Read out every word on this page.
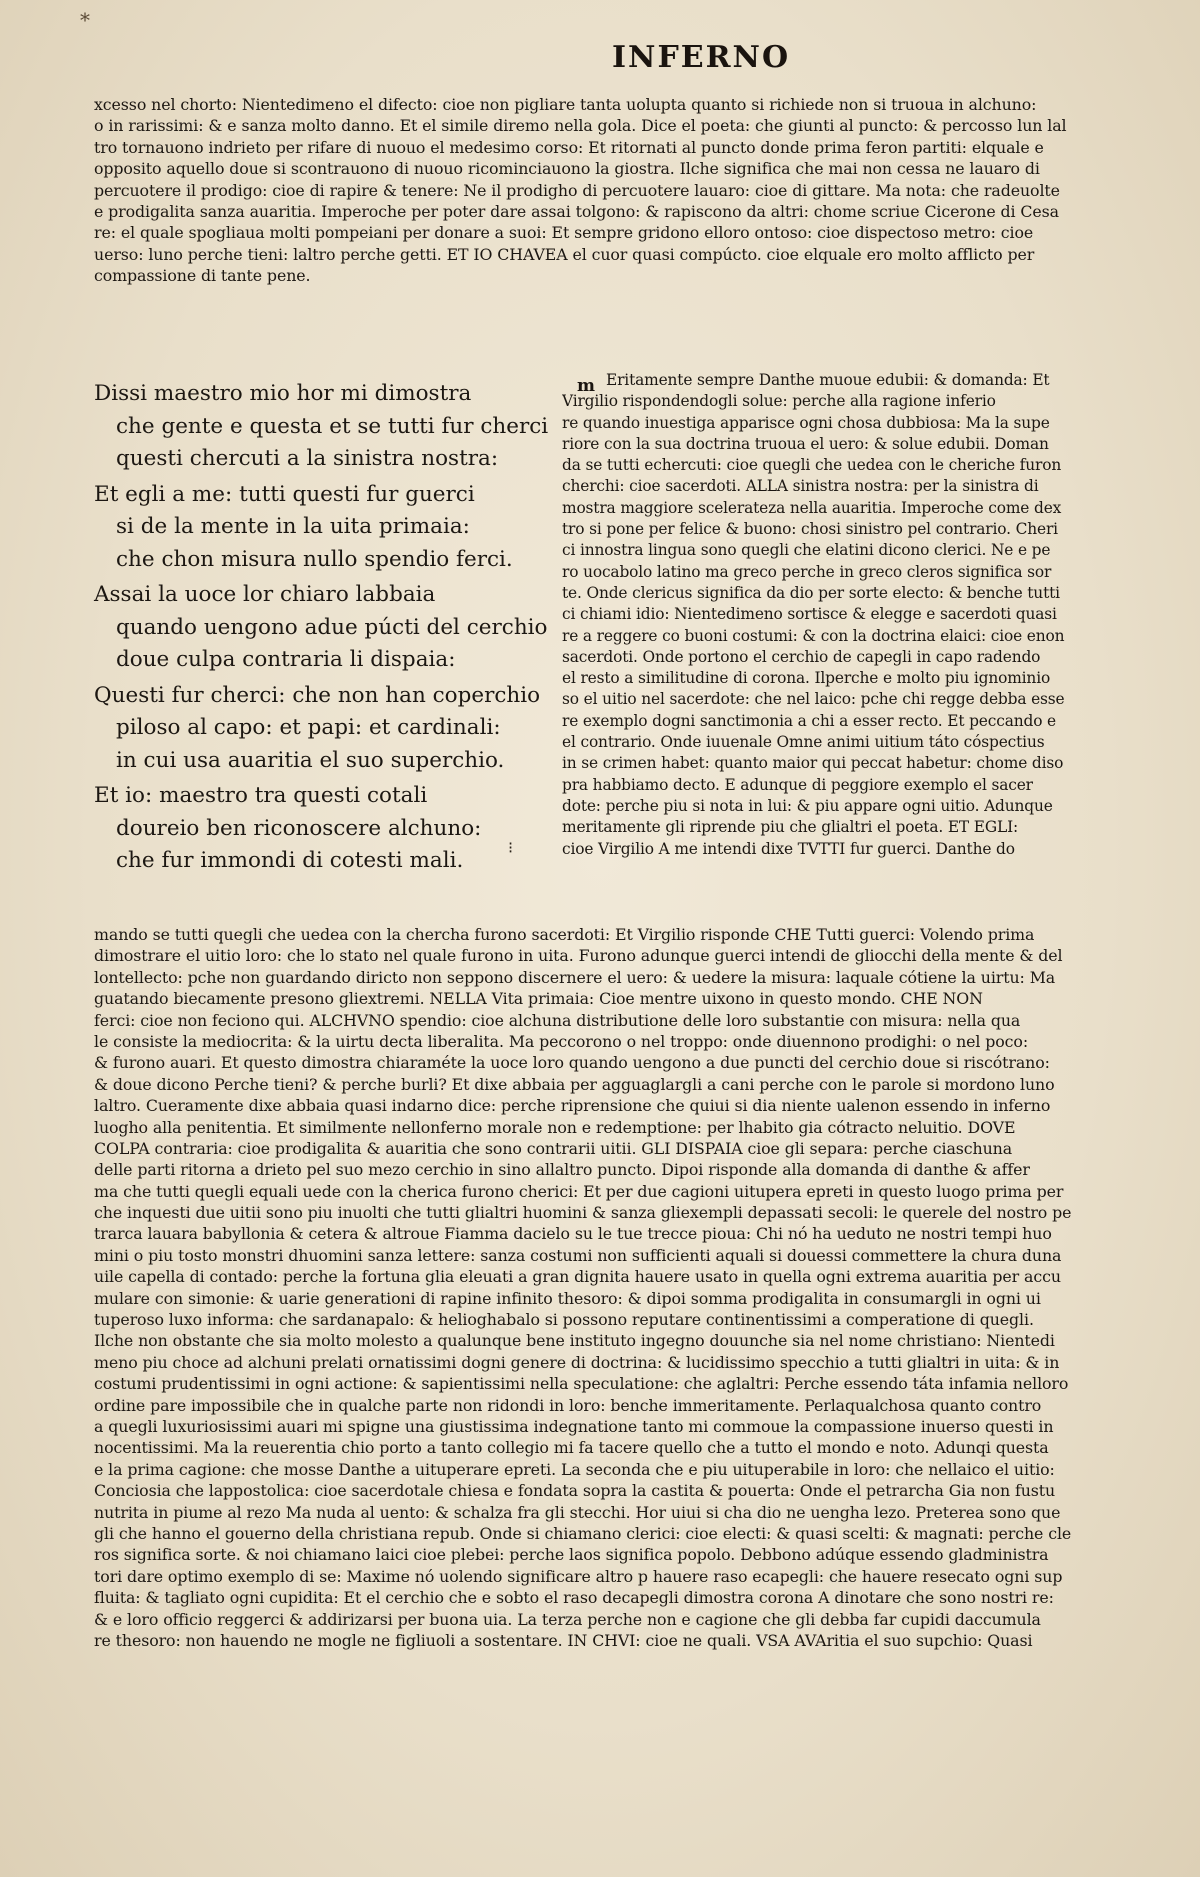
*
INFERNO
xcesso nel chorto: Nientedimeno el difecto: cioe non pigliare tanta uolupta quanto si richiede non si truoua in alchuno:
o in rarissimi: & e sanza molto danno. Et el simile diremo nella gola. Dice el poeta: che giunti al puncto: & percosso lun lal
tro tornauono indrieto per rifare di nuouo el medesimo corso: Et ritornati al puncto donde prima feron partiti: elquale e
opposito aquello doue si scontrauono di nuouo ricominciauono la giostra. Ilche significa che mai non cessa ne lauaro di
percuotere il prodigo: cioe di rapire & tenere: Ne il prodigho di percuotere lauaro: cioe di gittare. Ma nota: che radeuolte
e prodigalita sanza auaritia. Imperoche per poter dare assai tolgono: & rapiscono da altri: chome scriue Cicerone di Cesa
re: el quale spogliaua molti pompeiani per donare a suoi: Et sempre gridono elloro ontoso: cioe dispectoso metro: cioe
uerso: luno perche tieni: laltro perche getti. ET IO CHAVEA el cuor quasi compúcto. cioe elquale ero molto afflicto per
compassione di tante pene.
Dissi maestro mio hor mi dimostra
che gente e questa et se tutti fur cherci
questi chercuti a la sinistra nostra:
Et egli a me: tutti questi fur guerci
si de la mente in la uita primaia:
che chon misura nullo spendio ferci.
Assai la uoce lor chiaro labbaia
quando uengono adue púcti del cerchio
doue culpa contraria li dispaia:
Questi fur cherci: che non han coperchio
piloso al capo: et papi: et cardinali:
in cui usa auaritia el suo superchio.
Et io: maestro tra questi cotali
doureio ben riconoscere alchuno:
che fur immondi di cotesti mali.
⁝
m Eritamente sempre Danthe muoue edubii: & domanda: Et
Virgilio rispondendogli solue: perche alla ragione inferio
re quando inuestiga apparisce ogni chosa dubbiosa: Ma la supe
riore con la sua doctrina truoua el uero: & solue edubii. Doman
da se tutti echercuti: cioe quegli che uedea con le cheriche furon
cherchi: cioe sacerdoti. ALLA sinistra nostra: per la sinistra di
mostra maggiore scelerateza nella auaritia. Imperoche come dex
tro si pone per felice & buono: chosi sinistro pel contrario. Cheri
ci innostra lingua sono quegli che elatini dicono clerici. Ne e pe
ro uocabolo latino ma greco perche in greco cleros significa sor
te. Onde clericus significa da dio per sorte electo: & benche tutti
ci chiami idio: Nientedimeno sortisce & elegge e sacerdoti quasi
re a reggere co buoni costumi: & con la doctrina elaici: cioe enon
sacerdoti. Onde portono el cerchio de capegli in capo radendo
el resto a similitudine di corona. Ilperche e molto piu ignominio
so el uitio nel sacerdote: che nel laico: pche chi regge debba esse
re exemplo dogni sanctimonia a chi a esser recto. Et peccando e
el contrario. Onde iuuenale Omne animi uitium táto cóspectius
in se crimen habet: quanto maior qui peccat habetur: chome diso
pra habbiamo decto. E adunque di peggiore exemplo el sacer
dote: perche piu si nota in lui: & piu appare ogni uitio. Adunque
meritamente gli riprende piu che glialtri el poeta. ET EGLI:
cioe Virgilio A me intendi dixe TVTTI fur guerci. Danthe do
mando se tutti quegli che uedea con la chercha furono sacerdoti: Et Virgilio risponde CHE Tutti guerci: Volendo prima
dimostrare el uitio loro: che lo stato nel quale furono in uita. Furono adunque guerci intendi de gliocchi della mente & del
lontellecto: pche non guardando diricto non seppono discernere el uero: & uedere la misura: laquale cótiene la uirtu: Ma
guatando biecamente presono gliextremi. NELLA Vita primaia: Cioe mentre uixono in questo mondo. CHE NON
ferci: cioe non feciono qui. ALCHVNO spendio: cioe alchuna distributione delle loro substantie con misura: nella qua
le consiste la mediocrita: & la uirtu decta liberalita. Ma peccorono o nel troppo: onde diuennono prodighi: o nel poco:
& furono auari. Et questo dimostra chiaraméte la uoce loro quando uengono a due puncti del cerchio doue si riscótrano:
& doue dicono Perche tieni? & perche burli? Et dixe abbaia per agguaglargli a cani perche con le parole si mordono luno
laltro. Cueramente dixe abbaia quasi indarno dice: perche riprensione che quiui si dia niente ualenon essendo in inferno
luogho alla penitentia. Et similmente nellonferno morale non e redemptione: per lhabito gia cótracto neluitio. DOVE
COLPA contraria: cioe prodigalita & auaritia che sono contrarii uitii. GLI DISPAIA cioe gli separa: perche ciaschuna
delle parti ritorna a drieto pel suo mezo cerchio in sino allaltro puncto. Dipoi risponde alla domanda di danthe & affer
ma che tutti quegli equali uede con la cherica furono cherici: Et per due cagioni uitupera epreti in questo luogo prima per
che inquesti due uitii sono piu inuolti che tutti glialtri huomini & sanza gliexempli depassati secoli: le querele del nostro pe
trarca lauara babyllonia & cetera & altroue Fiamma dacielo su le tue trecce pioua: Chi nó ha ueduto ne nostri tempi huo
mini o piu tosto monstri dhuomini sanza lettere: sanza costumi non sufficienti aquali si douessi commettere la chura duna
uile capella di contado: perche la fortuna glia eleuati a gran dignita hauere usato in quella ogni extrema auaritia per accu
mulare con simonie: & uarie generationi di rapine infinito thesoro: & dipoi somma prodigalita in consumargli in ogni ui
tuperoso luxo informa: che sardanapalo: & helioghabalo si possono reputare continentissimi a comperatione di quegli.
Ilche non obstante che sia molto molesto a qualunque bene instituto ingegno douunche sia nel nome christiano: Nientedi
meno piu choce ad alchuni prelati ornatissimi dogni genere di doctrina: & lucidissimo specchio a tutti glialtri in uita: & in
costumi prudentissimi in ogni actione: & sapientissimi nella speculatione: che aglaltri: Perche essendo táta infamia nelloro
ordine pare impossibile che in qualche parte non ridondi in loro: benche immeritamente. Perlaqualchosa quanto contro
a quegli luxuriosissimi auari mi spigne una giustissima indegnatione tanto mi commoue la compassione inuerso questi in
nocentissimi. Ma la reuerentia chio porto a tanto collegio mi fa tacere quello che a tutto el mondo e noto. Adunqi questa
e la prima cagione: che mosse Danthe a uituperare epreti. La seconda che e piu uituperabile in loro: che nellaico el uitio:
Conciosia che lappostolica: cioe sacerdotale chiesa e fondata sopra la castita & pouerta: Onde el petrarcha Gia non fustu
nutrita in piume al rezo Ma nuda al uento: & schalza fra gli stecchi. Hor uiui si cha dio ne uengha lezo. Preterea sono que
gli che hanno el gouerno della christiana repub. Onde si chiamano clerici: cioe electi: & quasi scelti: & magnati: perche cle
ros significa sorte. & noi chiamano laici cioe plebei: perche laos significa popolo. Debbono adúque essendo gladministra
tori dare optimo exemplo di se: Maxime nó uolendo significare altro p hauere raso ecapegli: che hauere resecato ogni sup
fluita: & tagliato ogni cupidita: Et el cerchio che e sobto el raso decapegli dimostra corona A dinotare che sono nostri re:
& e loro officio reggerci & addirizarsi per buona uia. La terza perche non e cagione che gli debba far cupidi daccumula
re thesoro: non hauendo ne mogle ne figliuoli a sostentare. IN CHVI: cioe ne quali. VSA AVAritia el suo supchio: Quasi
